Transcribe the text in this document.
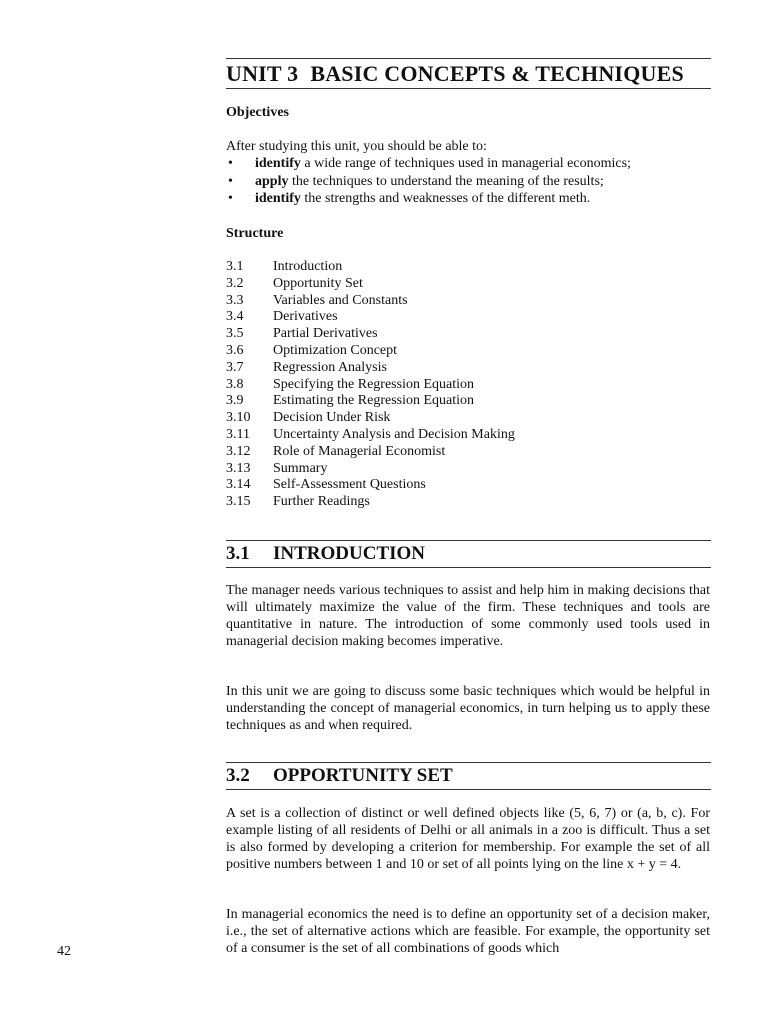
UNIT 3 BASIC CONCEPTS & TECHNIQUES
Objectives

After studying this unit, you should be able to:

• identify a wide range of techniques used in managerial economics;
• apply the techniques to understand the meaning of the results;
• identify the strengths and weaknesses of the different meth.
Structure
3.1 Introduction
3.2 Opportunity Set
3.3 Variables and Constants
3.4 Derivatives
3.5 Partial Derivatives
3.6 Optimization Concept
3.7 Regression Analysis
3.8 Specifying the Regression Equation
3.9 Estimating the Regression Equation
3.10 Decision Under Risk
3.11 Uncertainty Analysis and Decision Making
3.12 Role of Managerial Economist
3.13 Summary
3.14 Self-Assessment Questions
3.15 Further Readings
3.1 INTRODUCTION

The manager needs various techniques to assist and help him in making decisions that will ultimately maximize the value of the firm. These techniques and tools are quantitative in nature. The introduction of some commonly used tools used in managerial decision making becomes imperative.

In this unit we are going to discuss some basic techniques which would be helpful in understanding the concept of managerial economics, in turn helping us to apply these techniques as and when required.

3.2 OPPORTUNITY SET

A set is a collection of distinct or well defined objects like (5, 6, 7) or (a, b, c). For example listing of all residents of Delhi or all animals in a zoo is difficult. Thus a set is also formed by developing a criterion for membership. For example the set of all positive numbers between 1 and 10 or set of all points lying on the line x + y = 4.

In managerial economics the need is to define an opportunity set of a decision maker, i.e., the set of alternative actions which are feasible. For example, the opportunity set of a consumer is the set of all combinations of goods which

42
